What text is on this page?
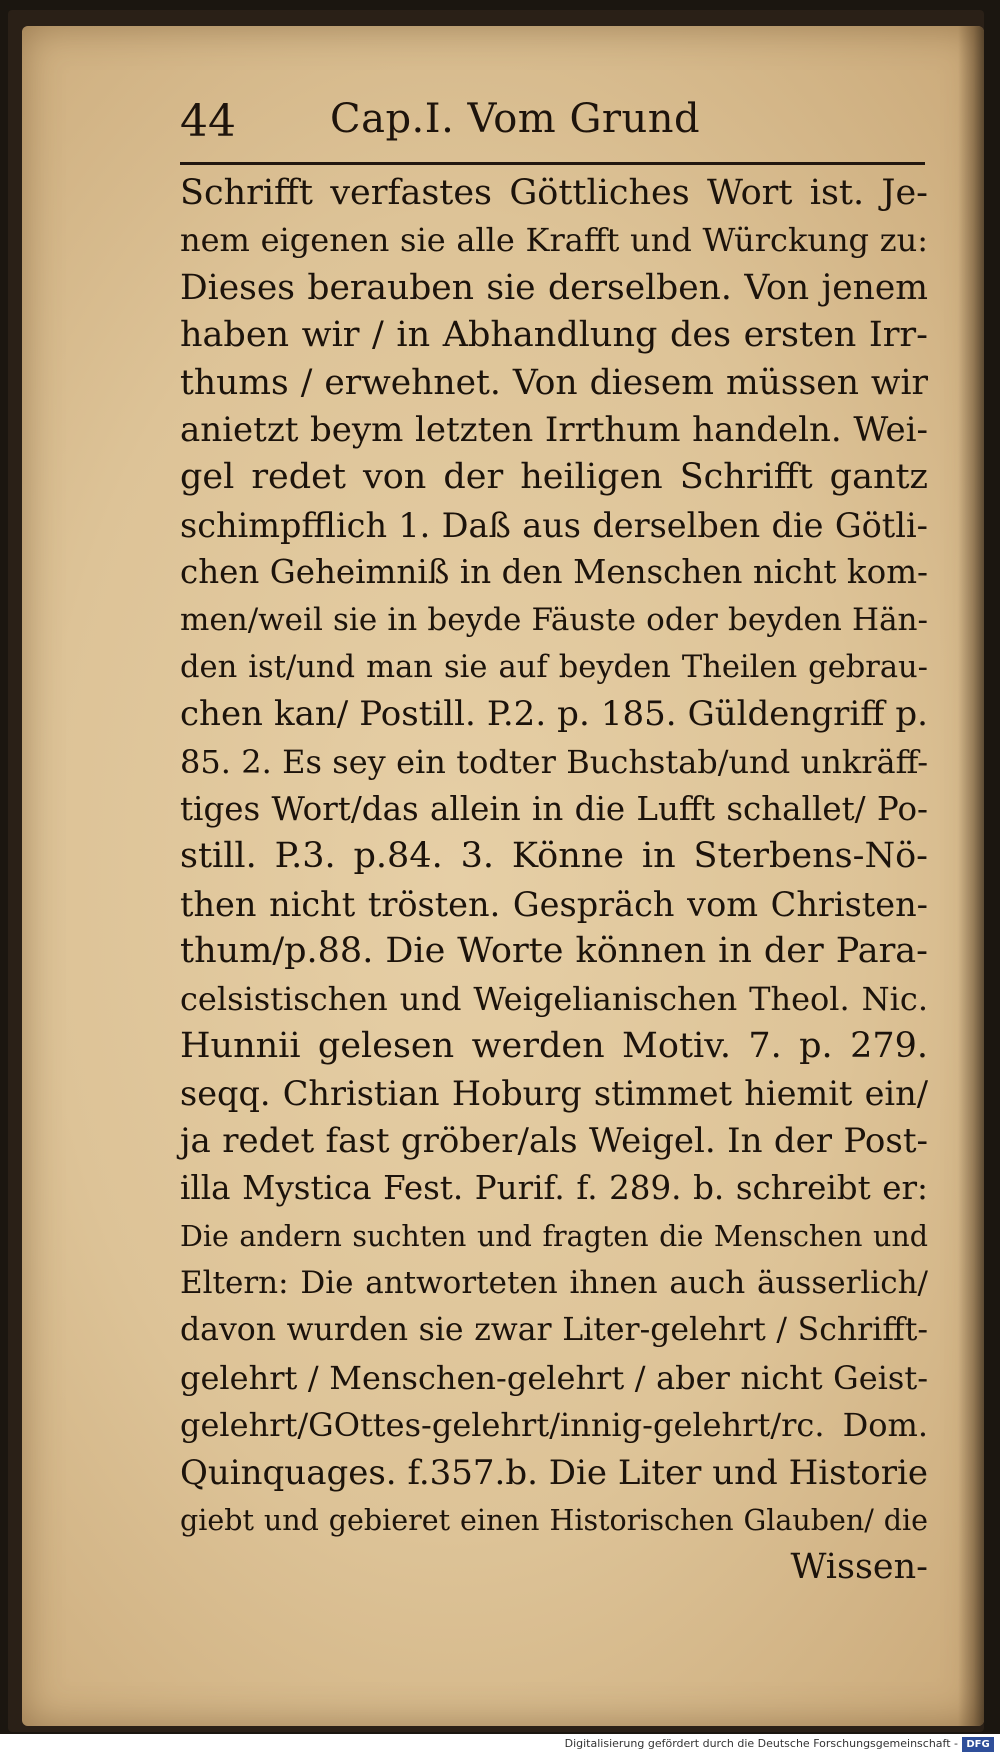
44 Cap.I. Vom Grund
Schrifft verfastes Göttliches Wort ist. Je-
nem eigenen sie alle Krafft und Würckung zu:
Dieses berauben sie derselben. Von jenem
haben wir / in Abhandlung des ersten Irr-
thums / erwehnet. Von diesem müssen wir
anietzt beym letzten Irrthum handeln. Wei-
gel redet von der heiligen Schrifft gantz
schimpfflich 1. Daß aus derselben die Götli-
chen Geheimniß in den Menschen nicht kom-
men/weil sie in beyde Fäuste oder beyden Hän-
den ist/und man sie auf beyden Theilen gebrau-
chen kan/ Postill. P.2. p. 185. Güldengriff p.
85. 2. Es sey ein todter Buchstab/und unkräff-
tiges Wort/das allein in die Lufft schallet/ Po-
still. P.3. p.84. 3. Könne in Sterbens-Nö-
then nicht trösten. Gespräch vom Christen-
thum/p.88. Die Worte können in der Para-
celsistischen und Weigelianischen Theol. Nic.
Hunnii gelesen werden Motiv. 7. p. 279.
seqq. Christian Hoburg stimmet hiemit ein/
ja redet fast gröber/als Weigel. In der Post-
illa Mystica Fest. Purif. f. 289. b. schreibt er:
Die andern suchten und fragten die Menschen und
Eltern: Die antworteten ihnen auch äusserlich/
davon wurden sie zwar Liter-gelehrt / Schrifft-
gelehrt / Menschen-gelehrt / aber nicht Geist-
gelehrt/GOttes-gelehrt/innig-gelehrt/rc. Dom.
Quinquages. f.357.b. Die Liter und Historie
giebt und gebieret einen Historischen Glauben/ die
Wissen-
Digitalisierung gefördert durch die Deutsche Forschungsgemeinschaft - DFG
